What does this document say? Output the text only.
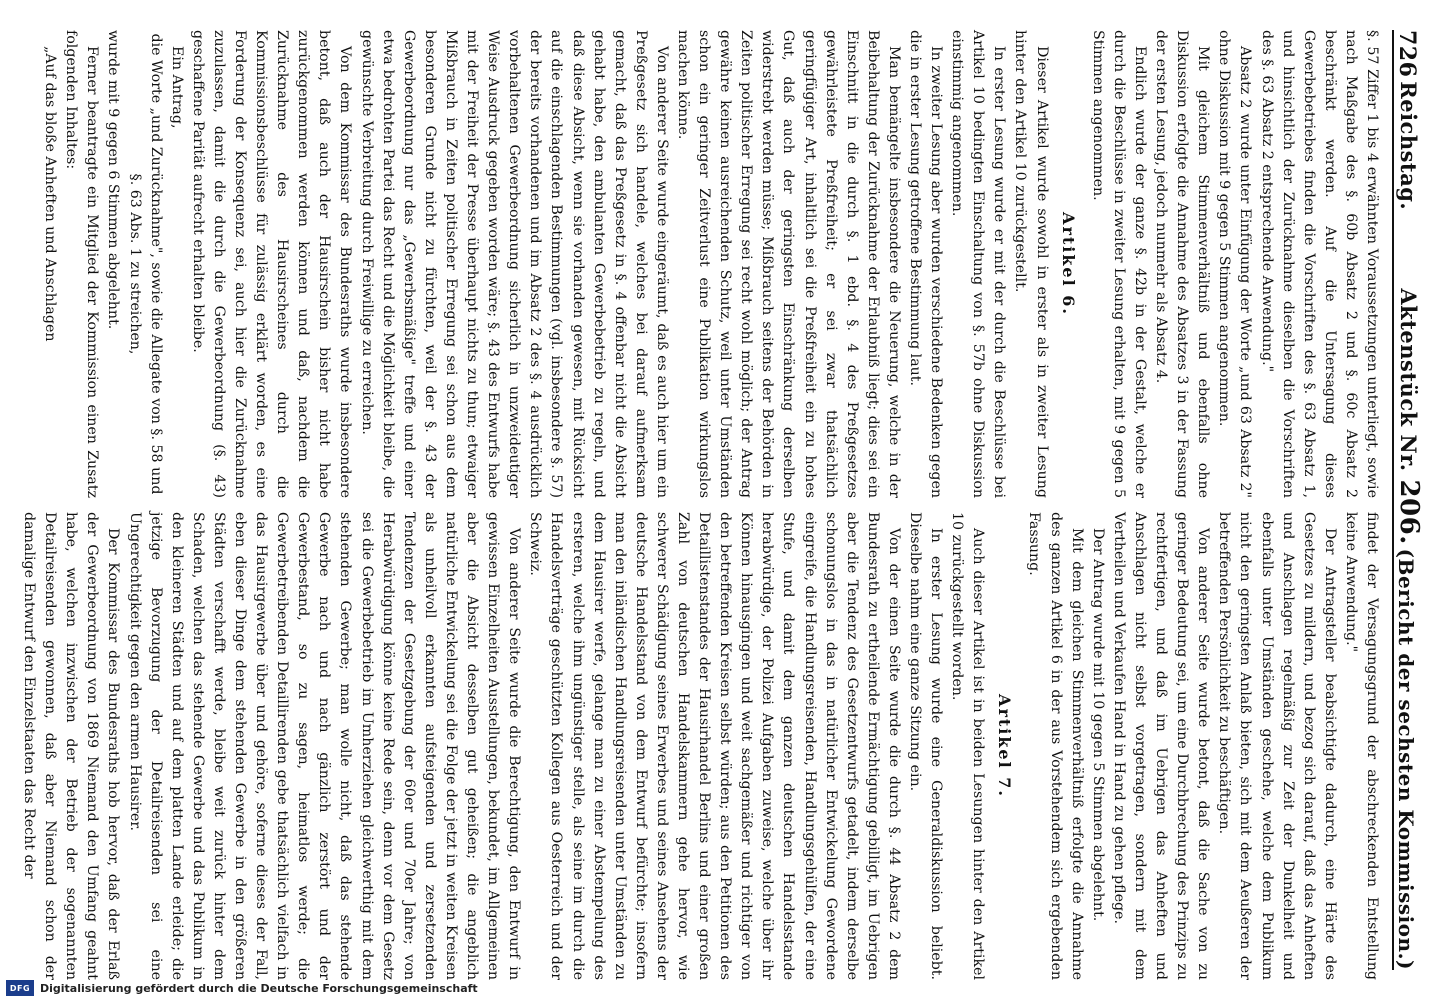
726
Reichstag.          Aktenstück Nr. 206.
(Bericht der sechsten Kommission.)

§. 57 Ziffer 1 bis 4 erwähnten Voraussetzungen unterliegt, sowie nach Maßgabe des §. 60b Absatz 2 und §. 60c Absatz 2 beschränkt werden. Auf die Untersagung dieses Gewerbebetriebes finden die Vorschriften des §. 63 Absatz 1, und hinsichtlich der Zurücknahme dieselben die Vorschriften des §. 63 Absatz 2 entsprechende Anwendung."

Absatz 2 wurde unter Einfügung der Worte „und 63 Absatz 2" ohne Diskussion mit 9 gegen 5 Stimmen angenommen.

Mit gleichem Stimmenverhältniß und ebenfalls ohne Diskussion erfolgte die Annahme des Absatzes 3 in der Fassung der ersten Lesung, jedoch nunmehr als Absatz 4.

Endlich wurde der ganze §. 42b in der Gestalt, welche er durch die Beschlüsse in zweiter Lesung erhalten, mit 9 gegen 5 Stimmen angenommen.

Artikel 6.

Dieser Artikel wurde sowohl in erster als in zweiter Lesung hinter den Artikel 10 zurückgestellt.

In erster Lesung wurde er mit der durch die Beschlüsse bei Artikel 10 bedingten Einschaltung von §. 57b ohne Diskussion einstimmig angenommen.

In zweiter Lesung aber wurden verschiedene Bedenken gegen die in erster Lesung getroffene Bestimmung laut.

Man bemängelte insbesondere die Neuerung, welche in der Beibehaltung der Zurücknahme der Erlaubniß liegt; dies sei ein Einschnitt in die durch §. 1 ebd. §. 4 des Preßgesetzes gewährleistete Preßfreiheit; er sei zwar thatsächlich geringfügiger Art, inhaltlich sei die Preßfreiheit ein zu hohes Gut, daß auch der geringsten Einschränkung derselben widerstrebt werden müsse; Mißbrauch seitens der Behörden in Zeiten politischer Erregung sei recht wohl möglich; der Antrag gewähre keinen ausreichenden Schutz, weil unter Umständen schon ein geringer Zeitverlust eine Publikation wirkungslos machen könne.

Von anderer Seite wurde eingeräumt, daß es auch hier um ein Preßgesetz sich handele, welches bei darauf aufmerksam gemacht, daß das Preßgesetz in §. 4 offenbar nicht die Absicht gehabt habe, den ambulanten Gewerbebetrieb zu regeln, und daß diese Absicht, wenn sie vorhanden gewesen, mit Rücksicht auf die einschlagenden Bestimmungen (vgl. insbesondere §. 57) der bereits vorhandenen und im Absatz 2 des §. 4 ausdrücklich vorbehaltenen Gewerbeordnung sicherlich in unzweideutiger Weise Ausdruck gegeben worden wäre; §. 43 des Entwurfs habe mit der Freiheit der Presse überhaupt nichts zu thun; etwaiger Mißbrauch in Zeiten politischer Erregung sei schon aus dem besonderen Grunde nicht zu fürchten, weil der §. 43 der Gewerbeordnung nur das „Gewerbsmäßige" treffe und einer etwa bedrohten Partei das Recht und die Möglichkeit bleibe, die gewünschte Verbreitung durch Freiwillige zu erreichen.

Von dem Kommissar des Bundesraths wurde insbesondere betont, daß auch der Hausirschein bisher nicht habe zurückgenommen werden können und daß, nachdem die Zurücknahme des Hausirscheines durch die Kommissionsbeschlüsse für zulässig erklärt worden, es eine Forderung der Konsequenz sei, auch hier die Zurücknahme zuzulassen, damit die durch die Gewerbeordnung (§. 43) geschaffene Parität aufrecht erhalten bleibe.

Ein Antrag,

die Worte „und Zurücknahme", sowie die Allegate von §. 58 und §. 63 Abs. 1 zu streichen,

wurde mit 9 gegen 6 Stimmen abgelehnt.

Ferner beantragte ein Mitglied der Kommission einen Zusatz folgenden Inhaltes:

„Auf das bloße Anheften und Anschlagen

findet der Versagungsgrund der abschreckenden Entstellung keine Anwendung."

Der Antragsteller beabsichtigte dadurch, eine Härte des Gesetzes zu mildern, und bezog sich darauf, daß das Anheften und Anschlagen regelmäßig zur Zeit der Dunkelheit und ebenfalls unter Umständen geschehe, welche dem Publikum nicht den geringsten Anlaß bieten, sich mit dem Aeußeren der betreffenden Persönlichkeit zu beschäftigen.

Von anderer Seite wurde betont, daß die Sache von zu geringer Bedeutung sei, um eine Durchbrechung des Prinzips zu rechtfertigen, und daß im Uebrigen das Anheften und Anschlagen nicht selbst vorgetragen, sondern mit dem Vertheilen und Verkaufen Hand in Hand zu gehen pflege.

Der Antrag wurde mit 10 gegen 5 Stimmen abgelehnt.

Mit dem gleichen Stimmenverhältniß erfolgte die Annahme des ganzen Artikel 6 in der aus Vorstehendem sich ergebenden Fassung.

Artikel 7.

Auch dieser Artikel ist in beiden Lesungen hinter den Artikel 10 zurückgestellt worden.

In erster Lesung wurde eine Generaldiskussion beliebt. Dieselbe nahm eine ganze Sitzung ein.

Von der einen Seite wurde die durch §. 44 Absatz 2 dem Bundesrath zu ertheilende Ermächtigung gebilligt, im Uebrigen aber die Tendenz des Gesetzentwurfs getadelt, indem derselbe schonungslos in das in natürlicher Entwickelung Gewordene eingreife, die Handlungsreisenden, Handlungsgehülfen, der eine Stufe, und damit dem ganzen deutschen Handelsstande herabwürdige, der Polizei Aufgaben zuweise, welche über ihr Können hinausgingen und weit sachgemäßer und richtiger von den betreffenden Kreisen selbst würden; aus den Petitionen des Detaillistenstandes der Hausirhandel Berlins und einer großen Zahl von deutschen Handelskammern gehe hervor, wie schwerer Schädigung seines Erwerbes und seines Ansehens der deutsche Handelsstand von dem Entwurf befürchte; insofern man den inländischen Handlungsreisenden unter Umständen zu dem Hausirer werfe, gelange man zu einer Abstempelung des ersteren, welche ihm ungünstiger stelle, als seine im durch die Handelsverträge geschützten Kollegen aus Oesterreich und der Schweiz.

Von anderer Seite wurde die Berechtigung, den Entwurf in gewissen Einzelheiten Ausstellungen, bekundet, im Allgemeinen aber die Absicht desselben gut geheißen; die angeblich natürliche Entwickelung sei die Folge der jetzt in weiten Kreisen als unheilvoll erkannten aufsteigenden und zersetzenden Tendenzen der Gesetzgebung der 60er und 70er Jahre; von Herabwürdigung könne keine Rede sein, denn vor dem Gesetz sei die Gewerbebetrieb im Umherziehen gleichwerthig mit dem stehenden Gewerbe; man wolle nicht, daß das stehende Gewerbe nach und nach gänzlich zerstört und der Gewerbestand, so zu sagen, heimatlos werde; die Gewerbetreibenden Detaillirenden gebe thatsächlich vielfach in das Hausirgewerbe über und gehöre, soferne dieses der Fall, eben dieser Dinge dem stehenden Gewerbe in den größeren Städten verschafft werde, bleibe weit zurück hinter dem Schaden, welchen das stehende Gewerbe und das Publikum in den kleineren Städten und auf dem platten Lande erleide; die jetzige Bevorzugung der Detailreisenden sei eine Ungerechtigkeit gegen den armen Hausirer.

Der Kommissar des Bundesraths hob hervor, daß der Erlaß der Gewerbeordnung von 1869 Niemand den Umfang geahnt habe, welchen inzwischen der Betrieb der sogenannten Detailreisenden gewonnen, daß aber Niemand schon der damalige Entwurf den Einzelstaaten das Recht der

DFG Digitalisierung gefördert durch die Deutsche Forschungsgemeinschaft
